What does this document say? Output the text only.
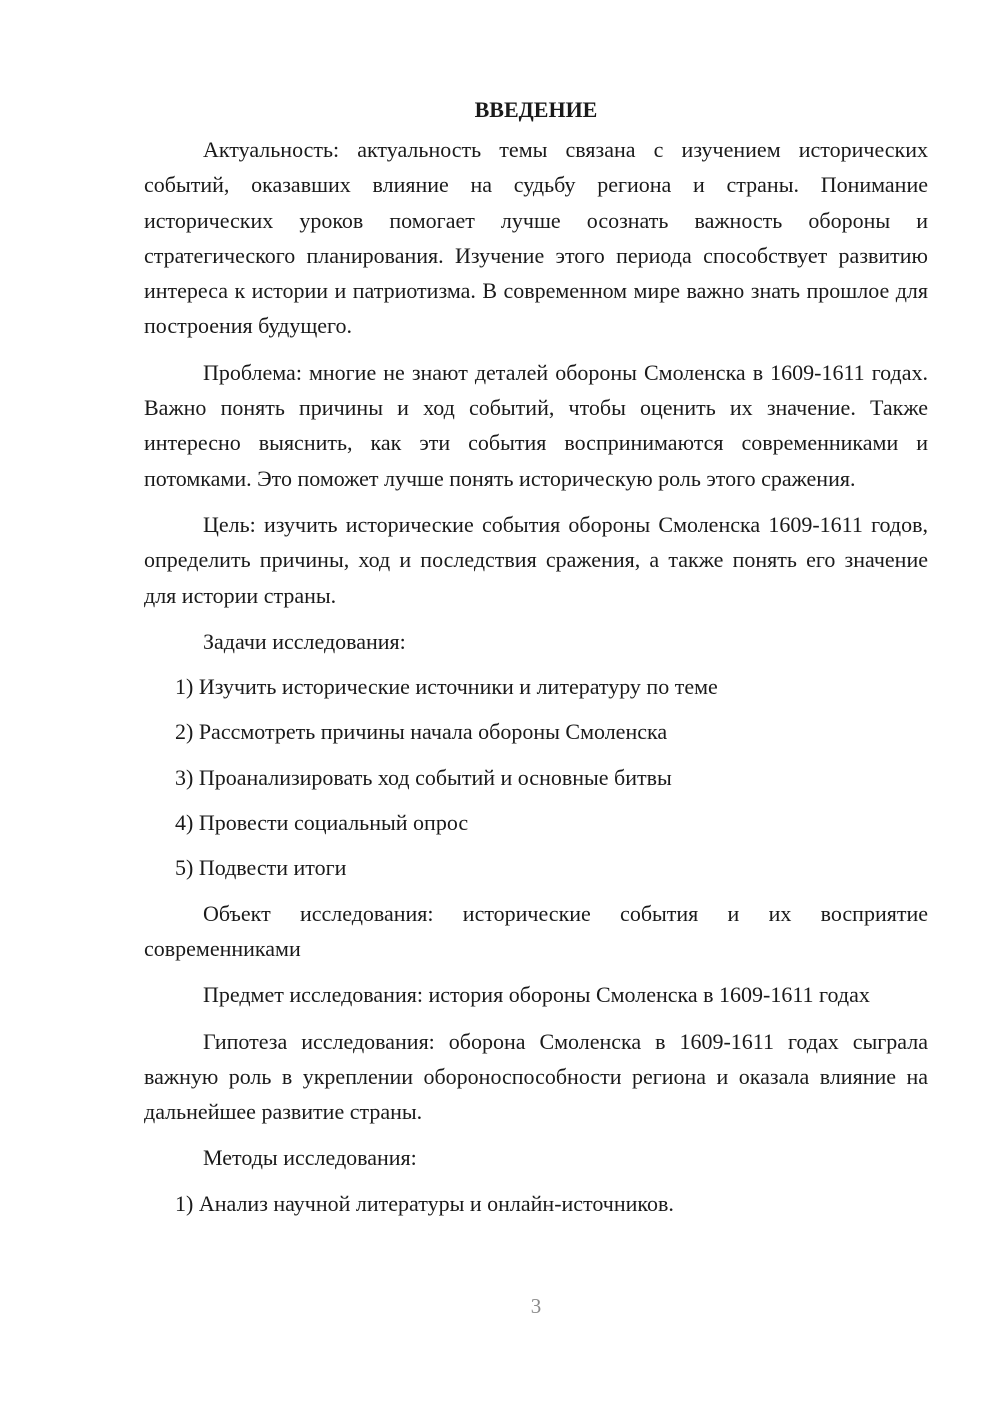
ВВЕДЕНИЕ

Актуальность: актуальность темы связана с изучением исторических событий, оказавших влияние на судьбу региона и страны. Понимание исторических уроков помогает лучше осознать важность обороны и стратегического планирования. Изучение этого периода способствует развитию интереса к истории и патриотизма. В современном мире важно знать прошлое для построения будущего.

Проблема: многие не знают деталей обороны Смоленска в 1609-1611 годах. Важно понять причины и ход событий, чтобы оценить их значение. Также интересно выяснить, как эти события воспринимаются современниками и потомками. Это поможет лучше понять историческую роль этого сражения.

Цель: изучить исторические события обороны Смоленска 1609-1611 годов, определить причины, ход и последствия сражения, а также понять его значение для истории страны.

Задачи исследования:

1) Изучить исторические источники и литературу по теме

2) Рассмотреть причины начала обороны Смоленска

3) Проанализировать ход событий и основные битвы

4) Провести социальный опрос

5) Подвести итоги

Объект исследования: исторические события и их восприятие современниками

Предмет исследования: история обороны Смоленска в 1609-1611 годах

Гипотеза исследования: оборона Смоленска в 1609-1611 годах сыграла важную роль в укреплении обороноспособности региона и оказала влияние на дальнейшее развитие страны.

Методы исследования:

1) Анализ научной литературы и онлайн-источников.

3
